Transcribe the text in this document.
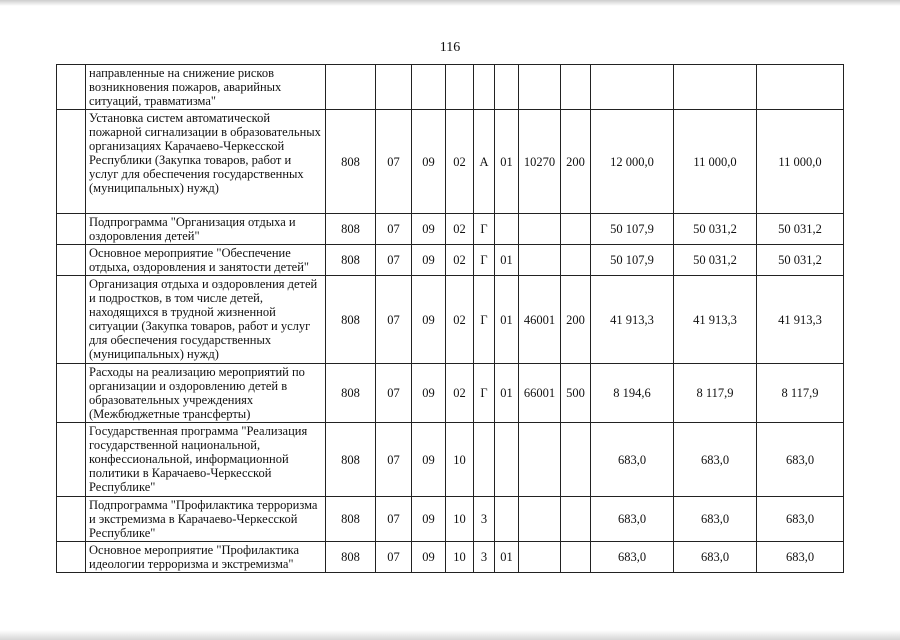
116
	направленные на снижение рисков возникновения пожаров, аварийных ситуаций, травматизма"											
	Установка систем автоматической пожарной сигнализации в образовательных организациях Карачаево-Черкесской Республики (Закупка товаров, работ и услуг для обеспечения государственных (муниципальных) нужд)	808	07	09	02	А	01	10270	200	12 000,0	11 000,0	11 000,0
	Подпрограмма "Организация отдыха и оздоровления детей"	808	07	09	02	Г				50 107,9	50 031,2	50 031,2
	Основное мероприятие "Обеспечение отдыха, оздоровления и занятости детей"	808	07	09	02	Г	01			50 107,9	50 031,2	50 031,2
	Организация отдыха и оздоровления детей и подростков, в том числе детей, находящихся в трудной жизненной ситуации (Закупка товаров, работ и услуг для обеспечения государственных (муниципальных) нужд)	808	07	09	02	Г	01	46001	200	41 913,3	41 913,3	41 913,3
	Расходы на реализацию мероприятий по организации и оздоровлению детей в образовательных учреждениях (Межбюджетные трансферты)	808	07	09	02	Г	01	66001	500	8 194,6	8 117,9	8 117,9
	Государственная программа "Реализация государственной национальной, конфессиональной, информационной политики в Карачаево-Черкесской Республике"	808	07	09	10					683,0	683,0	683,0
	Подпрограмма "Профилактика терроризма и экстремизма в Карачаево-Черкесской Республике"	808	07	09	10	3				683,0	683,0	683,0
	Основное мероприятие "Профилактика идеологии терроризма и экстремизма"	808	07	09	10	3	01			683,0	683,0	683,0
